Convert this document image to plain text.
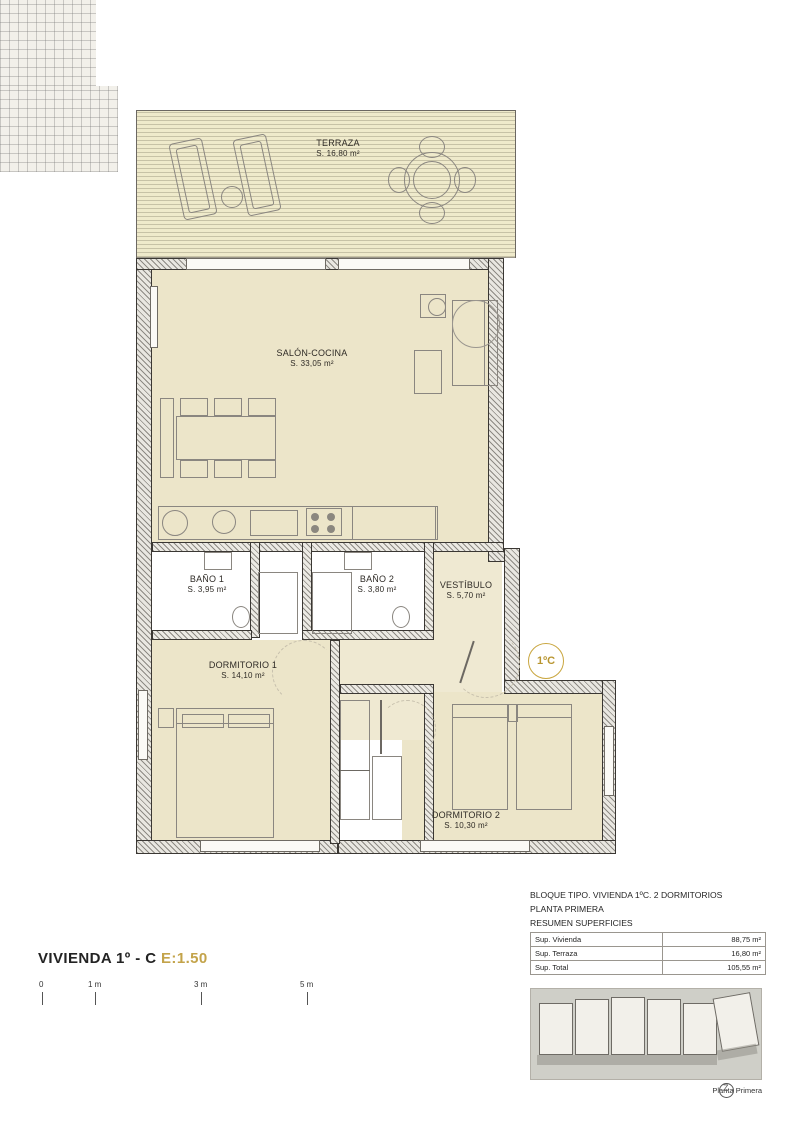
TERRAZA
S. 16,80 m²
SALÓN-COCINA
S. 33,05 m²
BAÑO 1
S. 3,95 m²
BAÑO 2
S. 3,80 m²	VESTÍBULO
S. 5,70 m²
DORMITORIO 1
S. 14,10 m²
DORMITORIO 2
S. 10,30 m²
1ºC
VIVIENDA 1º - C E:1.50
0	1 m	3 m	5 m
BLOQUE TIPO. VIVIENDA 1ºC. 2 DORMITORIOS
PLANTA PRIMERA
RESUMEN SUPERFICIES
Sup. Vivienda	88,75 m²
Sup. Terraza	16,80 m²
Sup. Total	105,55 m²
Planta Primera
Z
